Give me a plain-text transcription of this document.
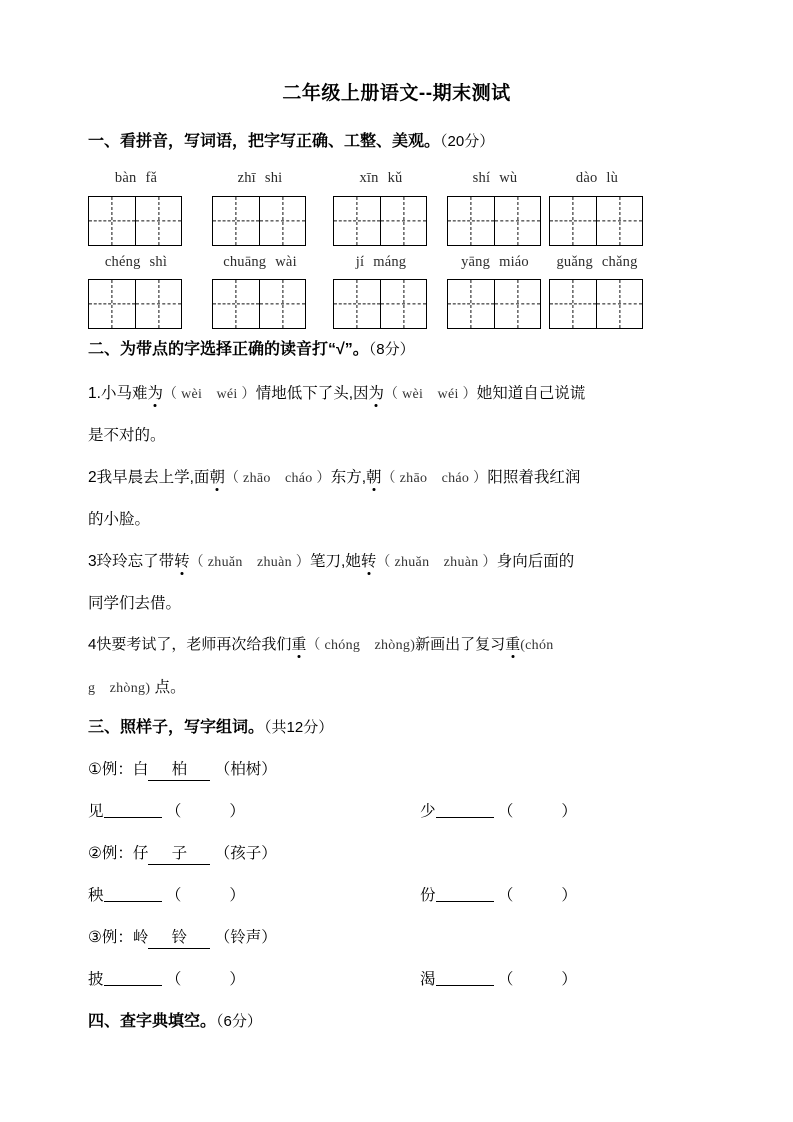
二年级上册语文--期末测试
一、看拼音，写词语，把字写正确、工整、美观。（20分）
bàn fǎ	zhī shi	xīn kǔ	shí wù	dào lù
chéng shì	chuāng wài	jí máng	yāng miáo	guǎng chǎng
二、为带点的字选择正确的读音打“√”。（8分）
1.小马难为（ wèi　wéi ）情地低下了头,因为（ wèi　wéi ）她知道自己说谎
是不对的。
2我早晨去上学,面朝（ zhāo　cháo ）东方,朝（ zhāo　cháo ）阳照着我红润
的小脸。
3玲玲忘了带转（ zhuǎn　zhuàn ）笔刀,她转（ zhuǎn　zhuàn ）身向后面的
同学们去借。
4快要考试了，老师再次给我们重（ chóng　zhòng)新画出了复习重(chón
g　zhòng) 点。
三、照样子，写字组词。（共12分）
①例：白 柏 （柏树）
见	（	）	少	（	）
②例：仔 子 （孩子）
秧	（	）	份	（	）
③例：岭 铃 （铃声）
披	（	）	渴	（	）
四、查字典填空。（6分）
